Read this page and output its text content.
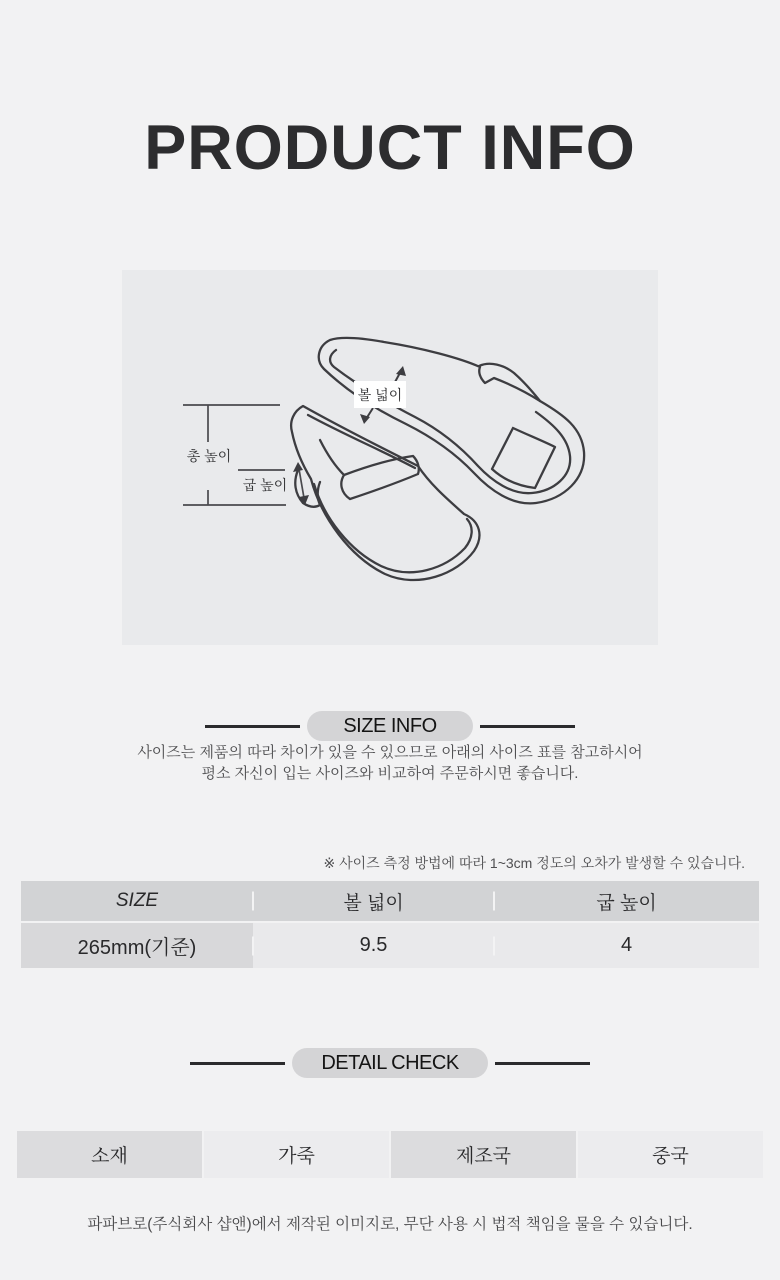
PRODUCT INFO
볼 넓이
총 높이
굽 높이
SIZE INFO
사이즈는 제품의 따라 차이가 있을 수 있으므로 아래의 사이즈 표를 참고하시어
평소 자신이 입는 사이즈와 비교하여 주문하시면 좋습니다.
※ 사이즈 측정 방법에 따라 1~3cm 정도의 오차가 발생할 수 있습니다.
SIZE	볼 넓이	굽 높이
265mm(기준)	9.5	4
DETAIL CHECK
소재	가죽	제조국	중국
파파브로(주식회사 샵앤)에서 제작된 이미지로, 무단 사용 시 법적 책임을 물을 수 있습니다.
